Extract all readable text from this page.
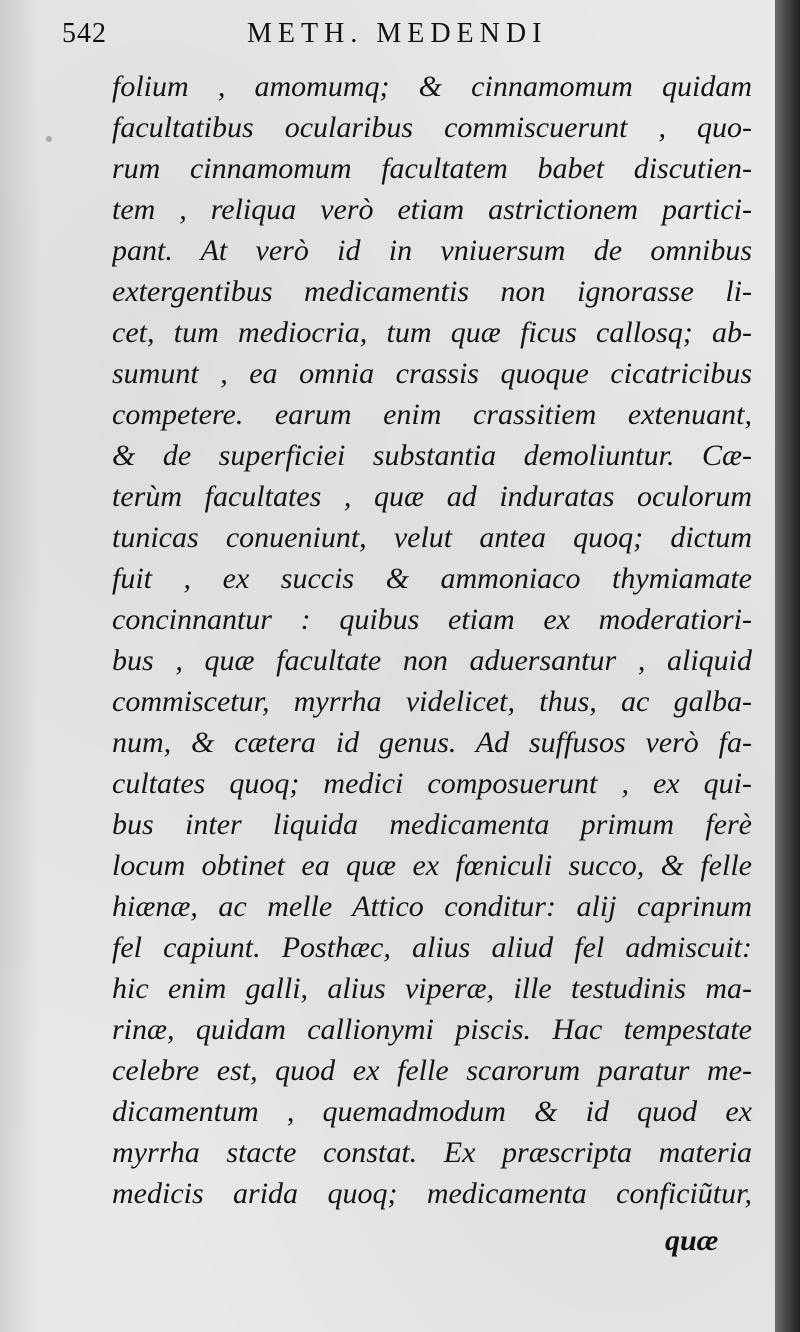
542	METH. MEDENDI
folium , amomumq; & cinnamomum quidam
facultatibus ocularibus commiscuerunt , quo-
rum cinnamomum facultatem babet discutien-
tem , reliqua verò etiam astrictionem partici-
pant. At verò id in vniuersum de omnibus
extergentibus medicamentis non ignorasse li-
cet, tum mediocria, tum quæ ficus callosq; ab-
sumunt , ea omnia crassis quoque cicatricibus
competere. earum enim crassitiem extenuant,
& de superficiei substantia demoliuntur. Cæ-
terùm facultates , quæ ad induratas oculorum
tunicas conueniunt, velut antea quoq; dictum
fuit , ex succis & ammoniaco thymiamate
concinnantur : quibus etiam ex moderatiori-
bus , quæ facultate non aduersantur , aliquid
commiscetur, myrrha videlicet, thus, ac galba-
num, & cætera id genus. Ad suffusos verò fa-
cultates quoq; medici composuerunt , ex qui-
bus inter liquida medicamenta primum ferè
locum obtinet ea quæ ex fœniculi succo, & felle
hiænæ, ac melle Attico conditur: alij caprinum
fel capiunt. Posthæc, alius aliud fel admiscuit:
hic enim galli, alius viperæ, ille testudinis ma-
rinæ, quidam callionymi piscis. Hac tempestate
celebre est, quod ex felle scarorum paratur me-
dicamentum , quemadmodum & id quod ex
myrrha stacte constat. Ex præscripta materia
medicis arida quoq; medicamenta conficiũtur,
quæ
